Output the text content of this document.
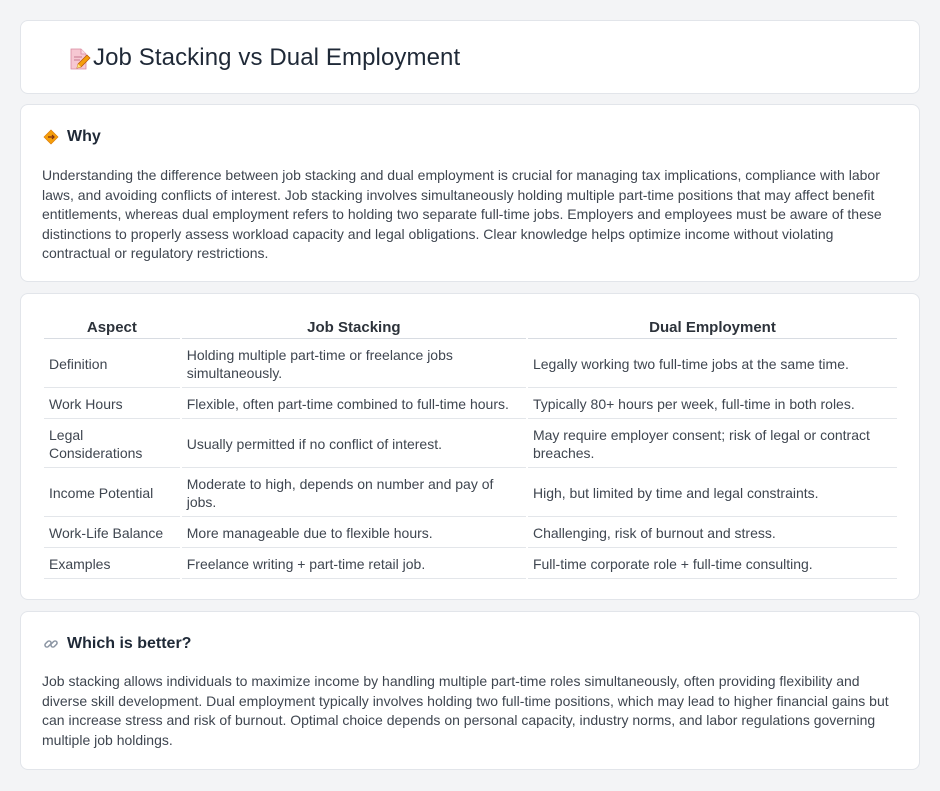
Job Stacking vs Dual Employment
Why

Understanding the difference between job stacking and dual employment is crucial for managing tax implications, compliance with labor laws, and avoiding conflicts of interest. Job stacking involves simultaneously holding multiple part-time positions that may affect benefit entitlements, whereas dual employment refers to holding two separate full-time jobs. Employers and employees must be aware of these distinctions to properly assess workload capacity and legal obligations. Clear knowledge helps optimize income without violating contractual or regulatory restrictions.

Aspect	Job Stacking	Dual Employment
Definition	Holding multiple part-time or freelance jobs simultaneously.	Legally working two full-time jobs at the same time.
Work Hours	Flexible, often part-time combined to full-time hours.	Typically 80+ hours per week, full-time in both roles.
Legal Considerations	Usually permitted if no conflict of interest.	May require employer consent; risk of legal or contract breaches.
Income Potential	Moderate to high, depends on number and pay of jobs.	High, but limited by time and legal constraints.
Work-Life Balance	More manageable due to flexible hours.	Challenging, risk of burnout and stress.
Examples	Freelance writing + part-time retail job.	Full-time corporate role + full-time consulting.
Which is better?

Job stacking allows individuals to maximize income by handling multiple part-time roles simultaneously, often providing flexibility and diverse skill development. Dual employment typically involves holding two full-time positions, which may lead to higher financial gains but can increase stress and risk of burnout. Optimal choice depends on personal capacity, industry norms, and labor regulations governing multiple job holdings.
